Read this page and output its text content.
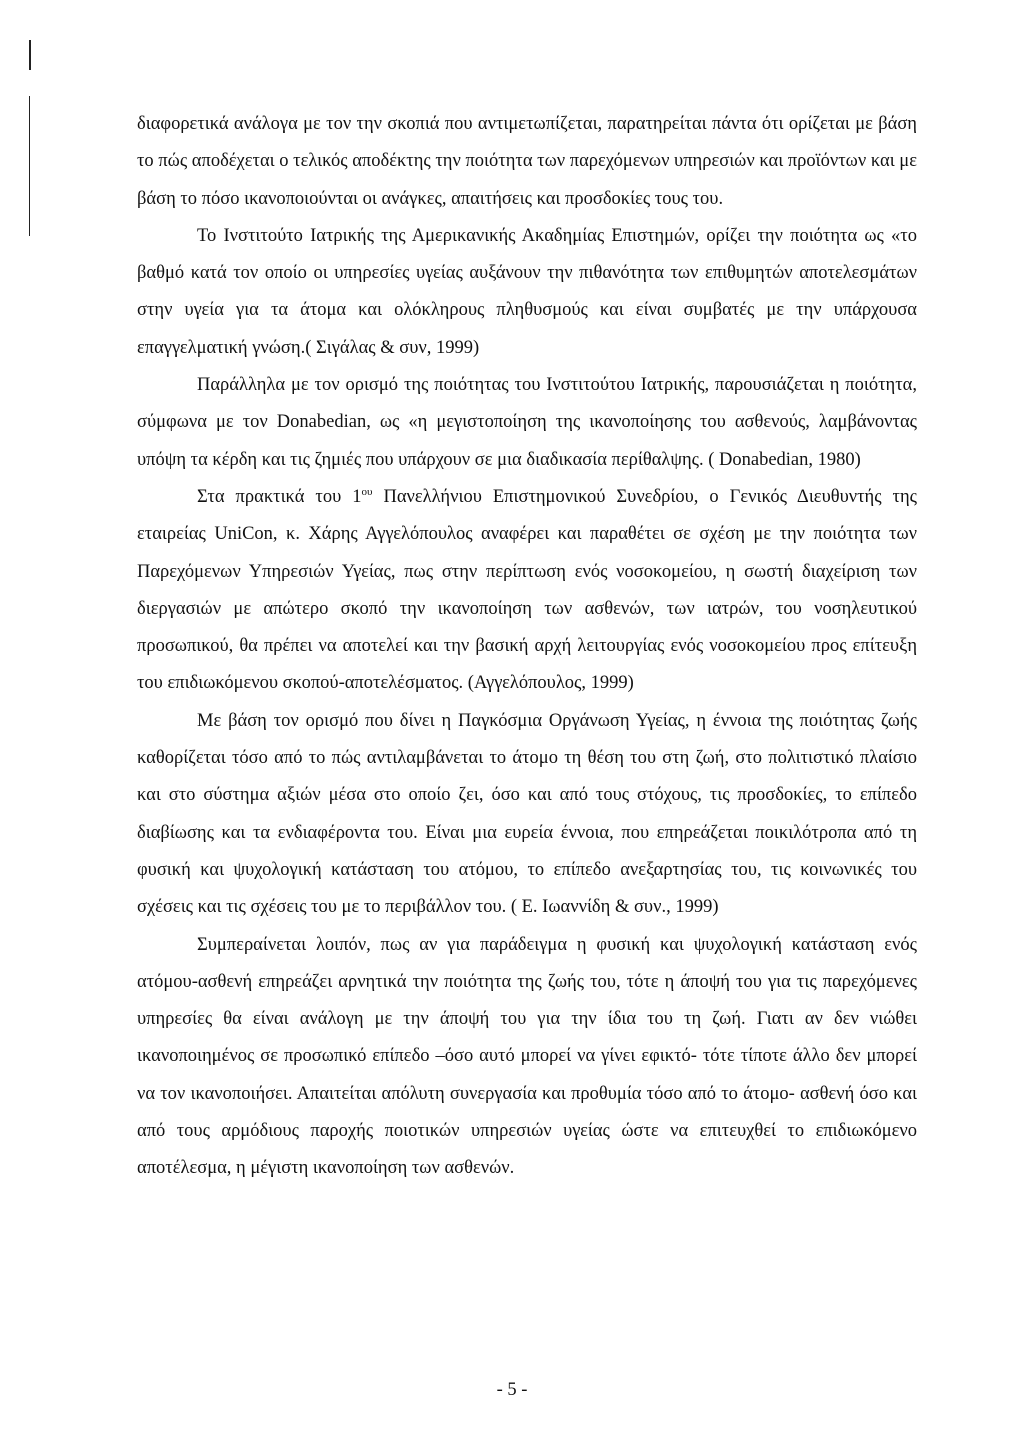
διαφορετικά ανάλογα με τον την σκοπιά που αντιμετωπίζεται, παρατηρείται πάντα ότι ορίζεται με βάση το πώς αποδέχεται ο τελικός αποδέκτης την ποιότητα των παρεχόμενων υπηρεσιών και προϊόντων και με βάση το πόσο ικανοποιούνται οι ανάγκες, απαιτήσεις και προσδοκίες τους του.

Το Ινστιτούτο Ιατρικής της Αμερικανικής Ακαδημίας Επιστημών, ορίζει την ποιότητα ως «το βαθμό κατά τον οποίο οι υπηρεσίες υγείας αυξάνουν την πιθανότητα των επιθυμητών αποτελεσμάτων στην υγεία για τα άτομα και ολόκληρους πληθυσμούς και είναι συμβατές με την υπάρχουσα επαγγελματική γνώση.( Σιγάλας & συν, 1999)

Παράλληλα με τον ορισμό της ποιότητας του Ινστιτούτου Ιατρικής, παρουσιάζεται η ποιότητα, σύμφωνα με τον Donabedian, ως «η μεγιστοποίηση της ικανοποίησης του ασθενούς, λαμβάνοντας υπόψη τα κέρδη και τις ζημιές που υπάρχουν σε μια διαδικασία περίθαλψης. ( Donabedian, 1980)

Στα πρακτικά του $1^{o\upsilon}$ Πανελλήνιου Επιστημονικού Συνεδρίου, ο Γενικός Διευθυντής της εταιρείας UniCon, κ. Χάρης Αγγελόπουλος αναφέρει και παραθέτει σε σχέση με την ποιότητα των Παρεχόμενων Υπηρεσιών Υγείας, πως στην περίπτωση ενός νοσοκομείου, η σωστή διαχείριση των διεργασιών με απώτερο σκοπό την ικανοποίηση των ασθενών, των ιατρών, του νοσηλευτικού προσωπικού, θα πρέπει να αποτελεί και την βασική αρχή λειτουργίας ενός νοσοκομείου προς επίτευξη του επιδιωκόμενου σκοπού-αποτελέσματος. (Αγγελόπουλος, 1999)

Με βάση τον ορισμό που δίνει η Παγκόσμια Οργάνωση Υγείας, η έννοια της ποιότητας ζωής καθορίζεται τόσο από το πώς αντιλαμβάνεται το άτομο τη θέση του στη ζωή, στο πολιτιστικό πλαίσιο και στο σύστημα αξιών μέσα στο οποίο ζει, όσο και από τους στόχους, τις προσδοκίες, το επίπεδο διαβίωσης και τα ενδιαφέροντα του. Είναι μια ευρεία έννοια, που επηρεάζεται ποικιλότροπα από τη φυσική και ψυχολογική κατάσταση του ατόμου, το επίπεδο ανεξαρτησίας του, τις κοινωνικές του σχέσεις και τις σχέσεις του με το περιβάλλον του. ( Ε. Ιωαννίδη & συν., 1999)

Συμπεραίνεται λοιπόν, πως αν για παράδειγμα η φυσική και ψυχολογική κατάσταση ενός ατόμου-ασθενή επηρεάζει αρνητικά την ποιότητα της ζωής του, τότε η άποψή του για τις παρεχόμενες υπηρεσίες θα είναι ανάλογη με την άποψή του για την ίδια του τη ζωή. Γιατι αν δεν νιώθει ικανοποιημένος σε προσωπικό επίπεδο –όσο αυτό μπορεί να γίνει εφικτό- τότε τίποτε άλλο δεν μπορεί να τον ικανοποιήσει. Απαιτείται απόλυτη συνεργασία και προθυμία τόσο από το άτομο- ασθενή όσο και από τους αρμόδιους παροχής ποιοτικών υπηρεσιών υγείας ώστε να επιτευχθεί το επιδιωκόμενο αποτέλεσμα, η μέγιστη ικανοποίηση των ασθενών.

- 5 -
